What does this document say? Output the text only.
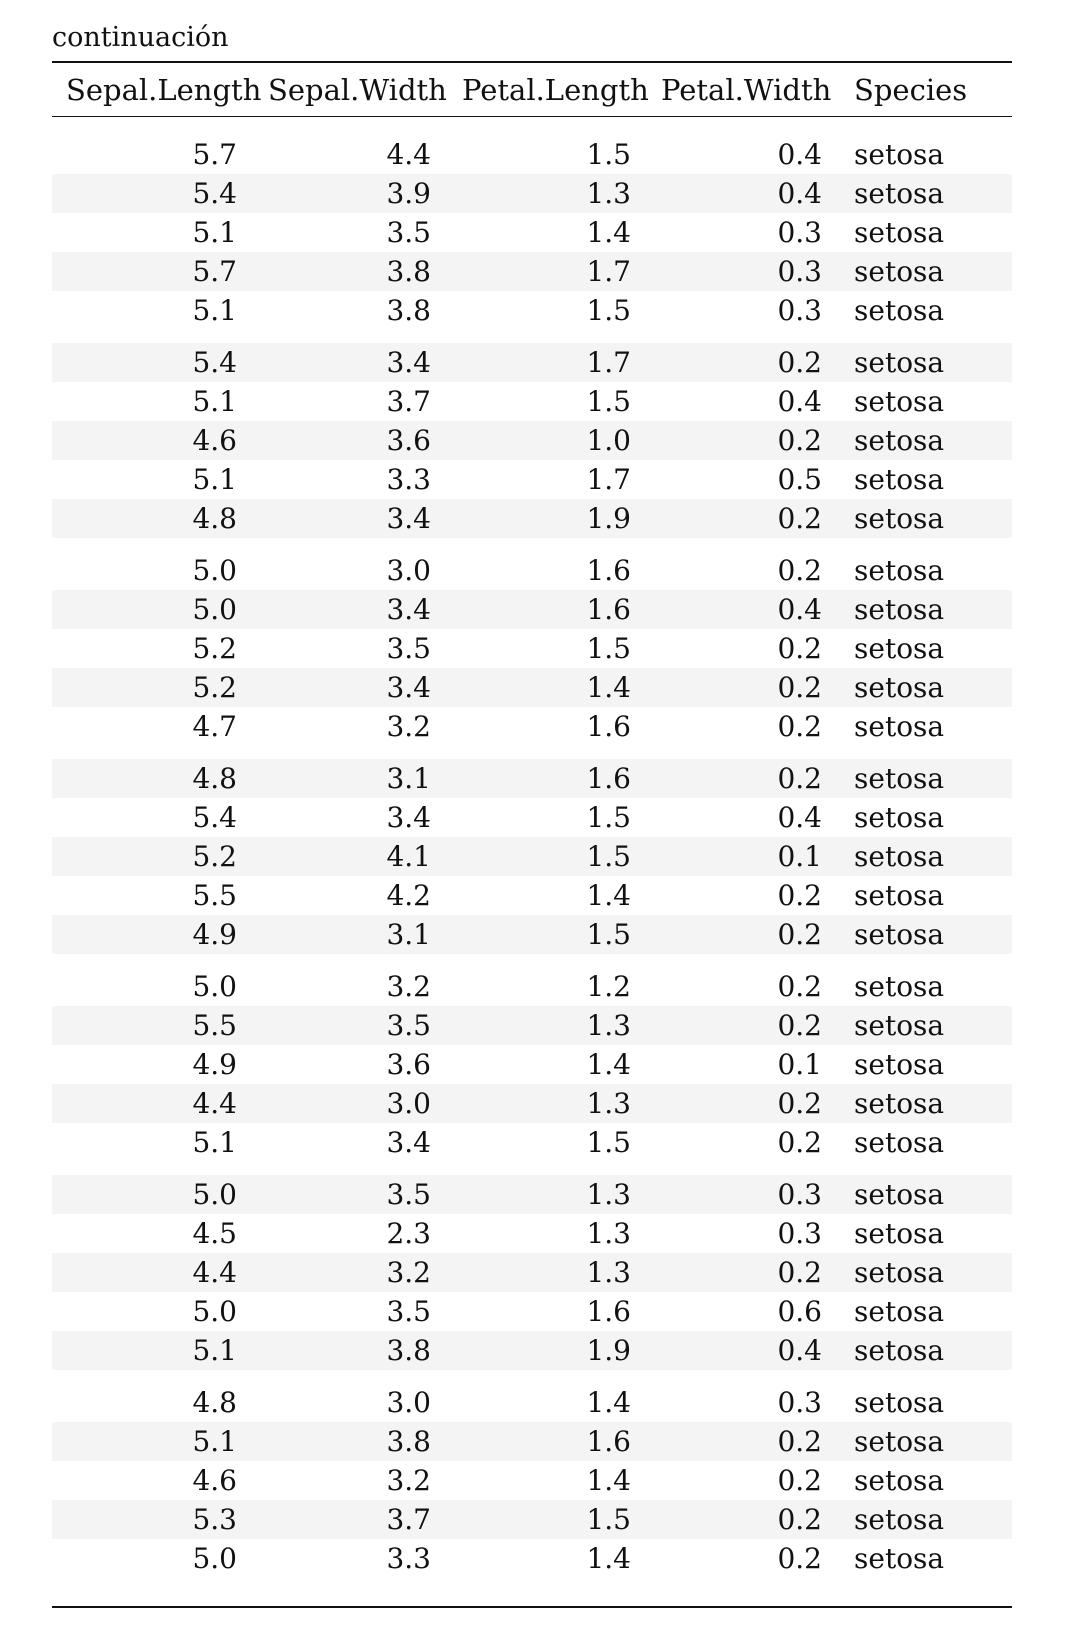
continuación
Sepal.Length Sepal.Width Petal.Length Petal.Width Species
5.7	4.4	1.5	0.4 setosa
5.4	3.9	1.3	0.4 setosa
5.1	3.5	1.4	0.3 setosa
5.7	3.8	1.7	0.3 setosa
5.1	3.8	1.5	0.3 setosa
5.4	3.4	1.7	0.2 setosa
5.1	3.7	1.5	0.4 setosa
4.6	3.6	1.0	0.2 setosa
5.1	3.3	1.7	0.5 setosa
4.8	3.4	1.9	0.2 setosa
5.0	3.0	1.6	0.2 setosa
5.0	3.4	1.6	0.4 setosa
5.2	3.5	1.5	0.2 setosa
5.2	3.4	1.4	0.2 setosa
4.7	3.2	1.6	0.2 setosa
4.8	3.1	1.6	0.2 setosa
5.4	3.4	1.5	0.4 setosa
5.2	4.1	1.5	0.1 setosa
5.5	4.2	1.4	0.2 setosa
4.9	3.1	1.5	0.2 setosa
5.0	3.2	1.2	0.2 setosa
5.5	3.5	1.3	0.2 setosa
4.9	3.6	1.4	0.1 setosa
4.4	3.0	1.3	0.2 setosa
5.1	3.4	1.5	0.2 setosa
5.0	3.5	1.3	0.3 setosa
4.5	2.3	1.3	0.3 setosa
4.4	3.2	1.3	0.2 setosa
5.0	3.5	1.6	0.6 setosa
5.1	3.8	1.9	0.4 setosa
4.8	3.0	1.4	0.3 setosa
5.1	3.8	1.6	0.2 setosa
4.6	3.2	1.4	0.2 setosa
5.3	3.7	1.5	0.2 setosa
5.0	3.3	1.4	0.2 setosa
